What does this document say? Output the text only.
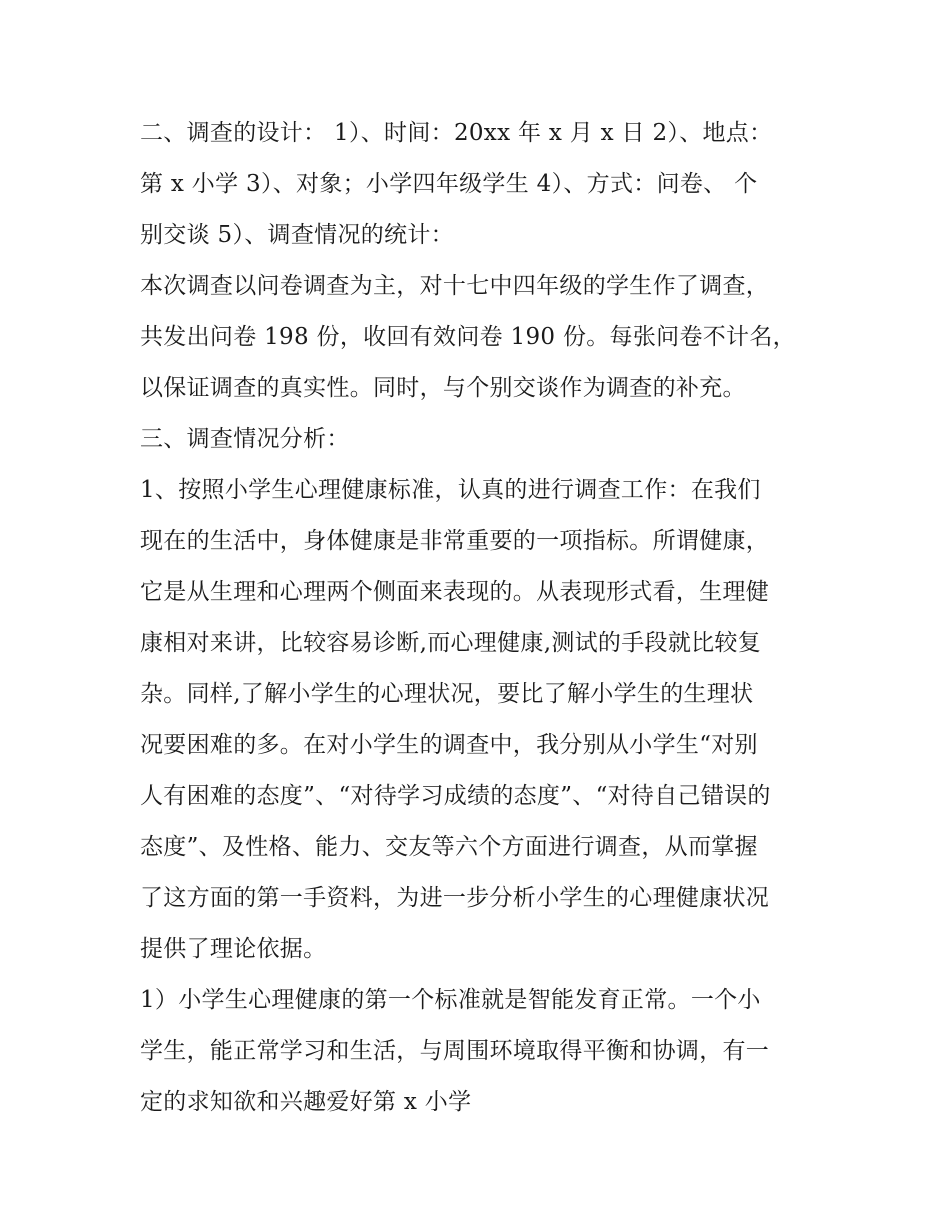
二、调查的设计： 1）、时间：20xx 年 x 月 x 日 2）、地点：
第 x 小学 3）、对象；小学四年级学生 4）、方式：问卷、 个
别交谈 5）、调查情况的统计：
本次调查以问卷调查为主，对十七中四年级的学生作了调查，
共发出问卷 198 份，收回有效问卷 190 份。每张问卷不计名，
以保证调查的真实性。同时，与个别交谈作为调查的补充。
三、调查情况分析：
1、按照小学生心理健康标准，认真的进行调查工作：在我们
现在的生活中，身体健康是非常重要的一项指标。所谓健康，
它是从生理和心理两个侧面来表现的。从表现形式看，生理健
康相对来讲，比较容易诊断,而心理健康,测试的手段就比较复
杂。同样,了解小学生的心理状况，要比了解小学生的生理状
况要困难的多。在对小学生的调查中，我分别从小学生“对别
人有困难的态度”、“对待学习成绩的态度”、“对待自己错误的
态度”、及性格、能力、交友等六个方面进行调查，从而掌握
了这方面的第一手资料，为进一步分析小学生的心理健康状况
提供了理论依据。
1）小学生心理健康的第一个标准就是智能发育正常。一个小
学生，能正常学习和生活，与周围环境取得平衡和协调，有一
定的求知欲和兴趣爱好第 x 小学
